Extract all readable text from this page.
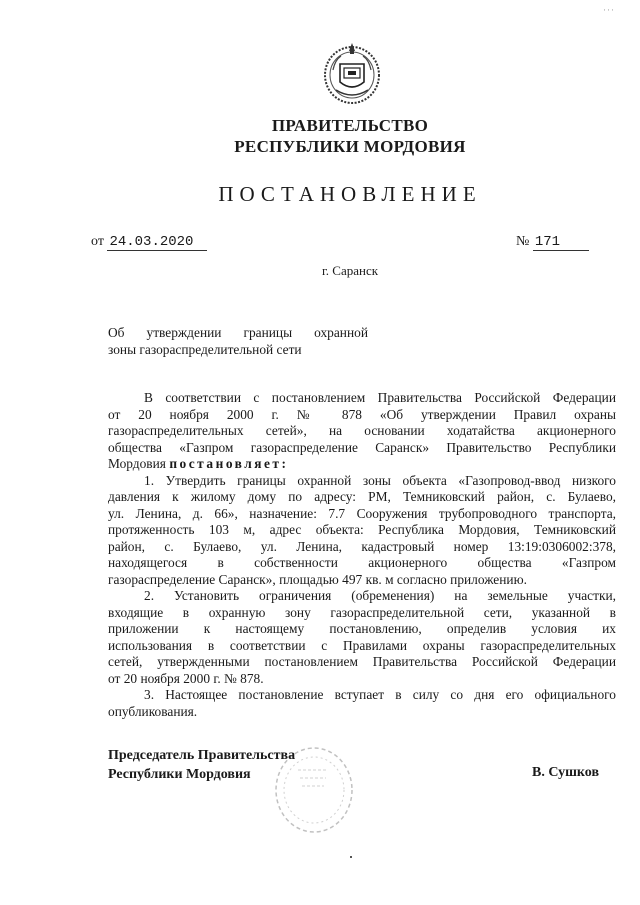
···
ПРАВИТЕЛЬСТВО
РЕСПУБЛИКИ МОРДОВИЯ
ПОСТАНОВЛЕНИЕ
от 24.03.2020	№ 171
г. Саранск
Об утверждении границы охранной
зоны газораспределительной сети
В соответствии с постановлением Правительства Российской Федерации
от 20 ноября 2000 г. № 878 «Об утверждении Правил охраны
газораспределительных сетей», на основании ходатайства акционерного
общества «Газпром газораспределение Саранск» Правительство Республики
Мордовия постановляет:
1. Утвердить границы охранной зоны объекта «Газопровод-ввод низкого
давления к жилому дому по адресу: РМ, Темниковский район, с. Булаево,
ул. Ленина, д. 66», назначение: 7.7 Сооружения трубопроводного транспорта,
протяженность 103 м, адрес объекта: Республика Мордовия, Темниковский
район, с. Булаево, ул. Ленина, кадастровый номер 13:19:0306002:378,
находящегося в собственности акционерного общества «Газпром
газораспределение Саранск», площадью 497 кв. м согласно приложению.
2. Установить ограничения (обременения) на земельные участки,
входящие в охранную зону газораспределительной сети, указанной в
приложении к настоящему постановлению, определив условия их
использования в соответствии с Правилами охраны газораспределительных
сетей, утвержденными постановлением Правительства Российской Федерации
от 20 ноября 2000 г. № 878.
3. Настоящее постановление вступает в силу со дня его официального
опубликования.
Председатель Правительства
Республики Мордовия	В. Сушков
